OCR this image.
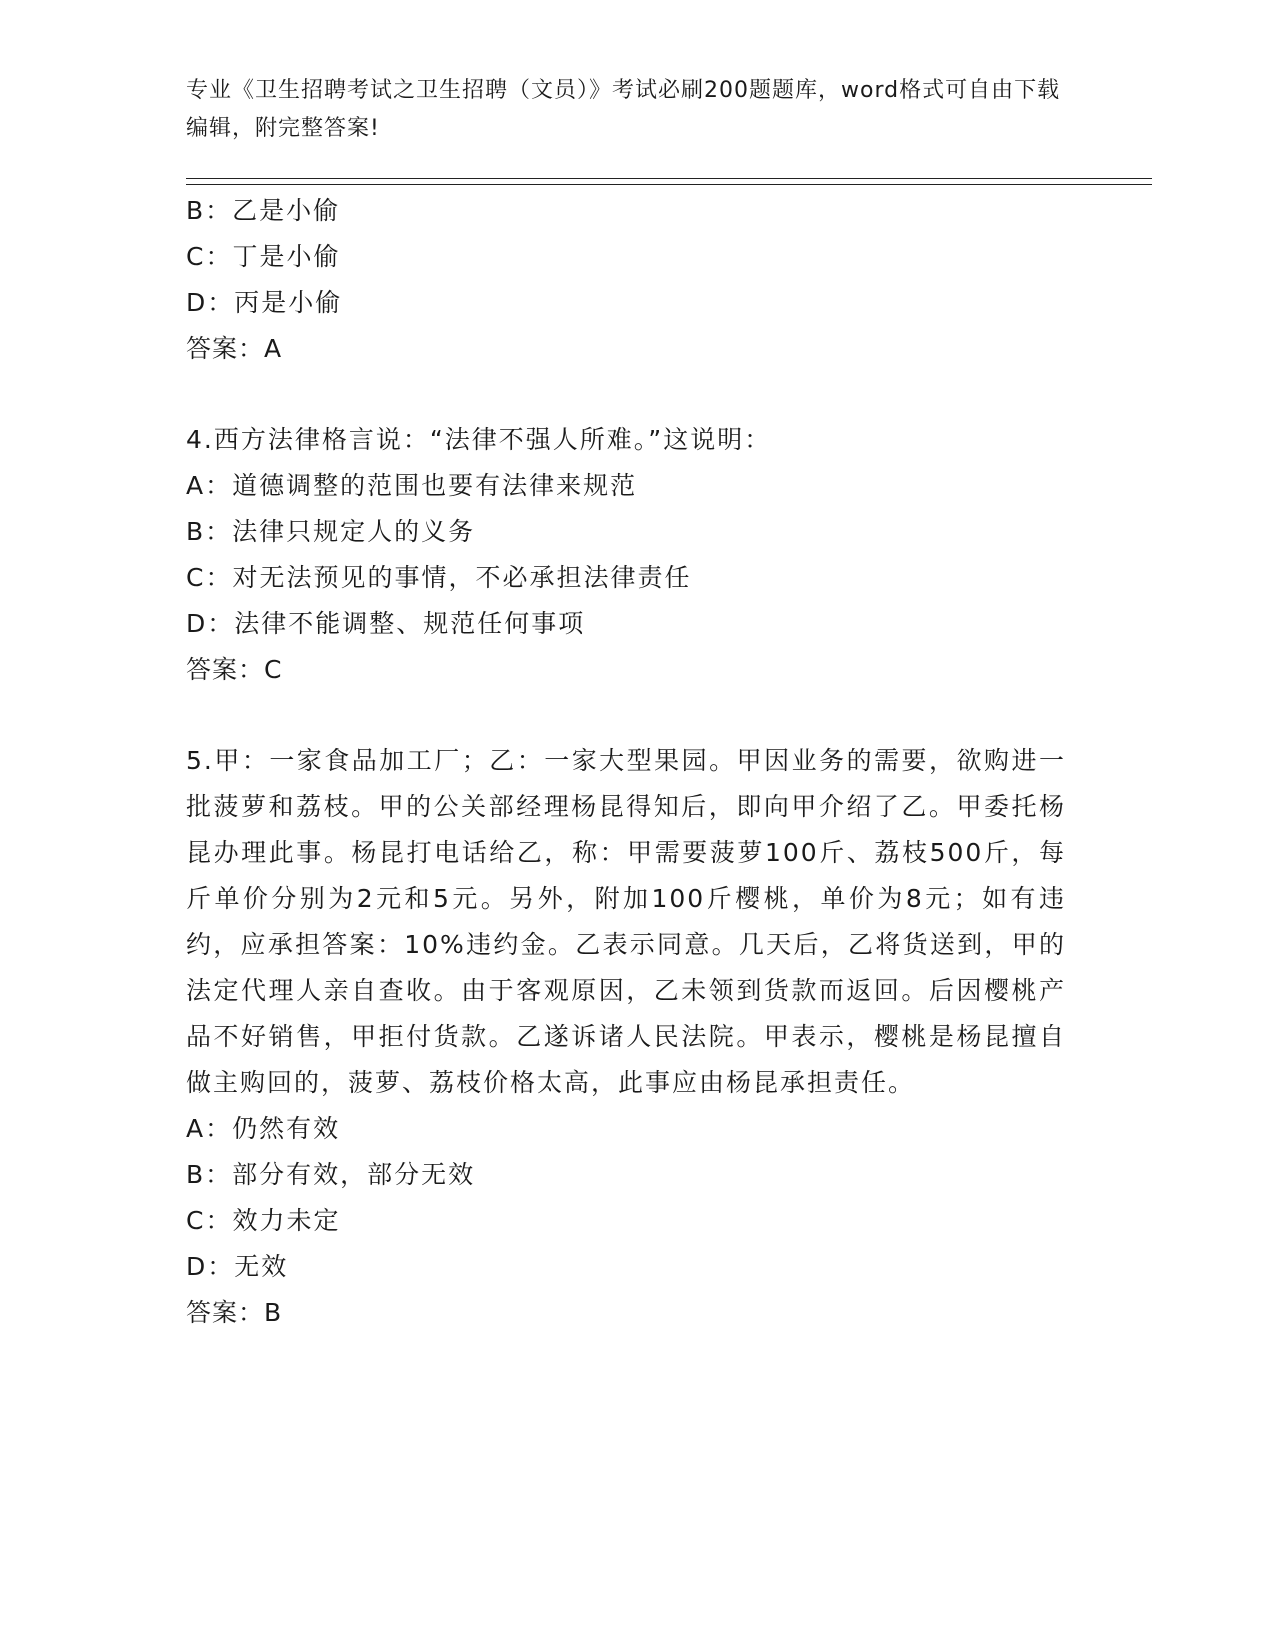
专业《卫生招聘考试之卫生招聘（文员）》考试必刷200题题库，word格式可自由下载编辑，附完整答案!
B：乙是小偷
C：丁是小偷
D：丙是小偷
答案：A
4.西方法律格言说：“法律不强人所难。”这说明：
A：道德调整的范围也要有法律来规范
B：法律只规定人的义务
C：对无法预见的事情，不必承担法律责任
D：法律不能调整、规范任何事项
答案：C
5.甲：一家食品加工厂；乙：一家大型果园。甲因业务的需要，欲购进一批菠萝和荔枝。甲的公关部经理杨昆得知后，即向甲介绍了乙。甲委托杨昆办理此事。杨昆打电话给乙，称：甲需要菠萝100斤、荔枝500斤，每斤单价分别为2元和5元。另外，附加100斤樱桃，单价为8元；如有违约，应承担答案：10%违约金。乙表示同意。几天后，乙将货送到，甲的法定代理人亲自查收。由于客观原因，乙未领到货款而返回。后因樱桃产品不好销售，甲拒付货款。乙遂诉诸人民法院。甲表示，樱桃是杨昆擅自做主购回的，菠萝、荔枝价格太高，此事应由杨昆承担责任。
A：仍然有效
B：部分有效，部分无效
C：效力未定
D：无效
答案：B
